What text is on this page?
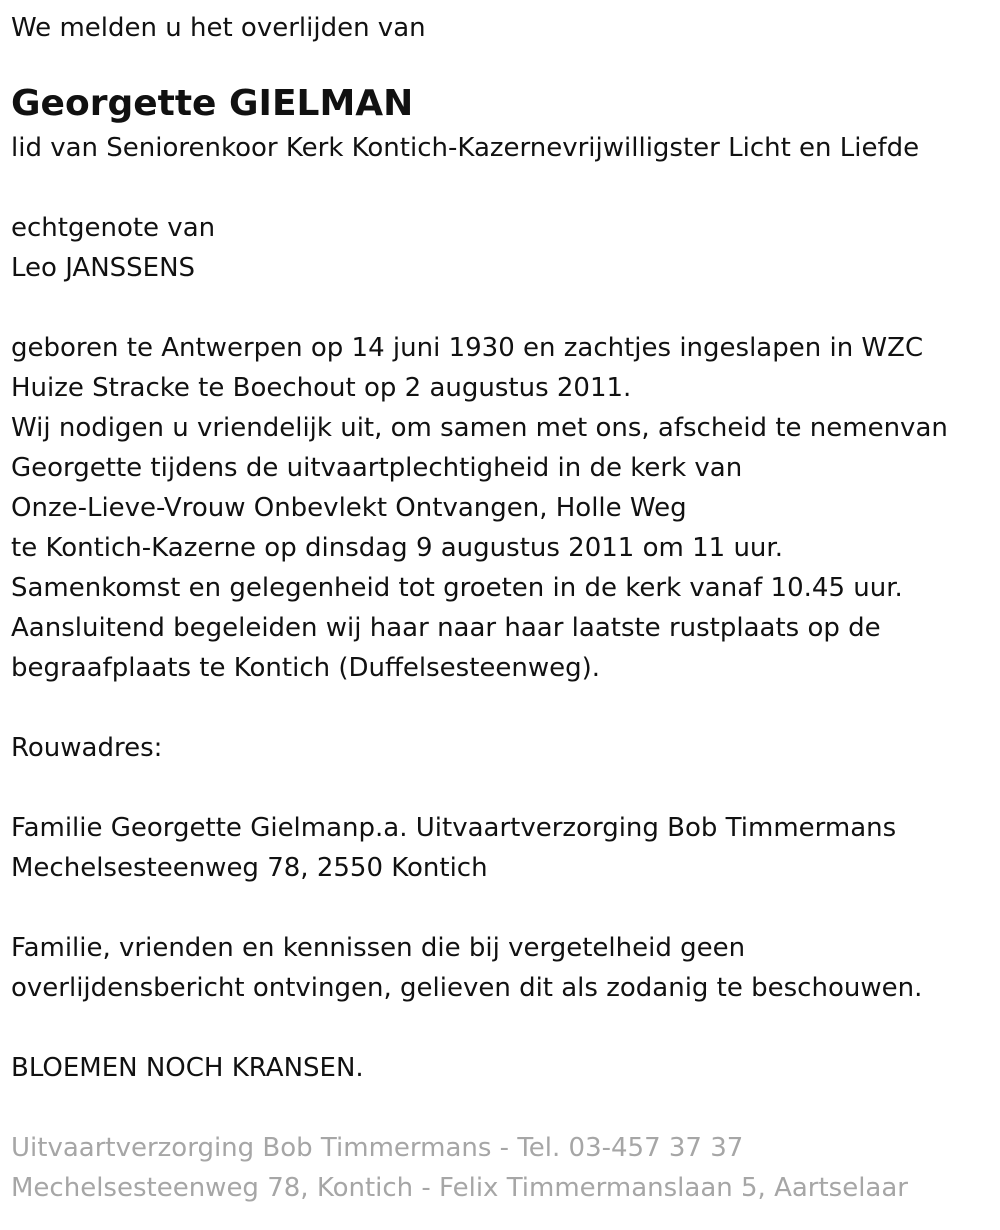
We melden u het overlijden van
Georgette GIELMAN
lid van Seniorenkoor Kerk Kontich-Kazernevrijwilligster Licht en Liefde
echtgenote van
Leo JANSSENS
geboren te Antwerpen op 14 juni 1930 en zachtjes ingeslapen in WZC
Huize Stracke te Boechout op 2 augustus 2011.
Wij nodigen u vriendelijk uit, om samen met ons, afscheid te nemenvan
Georgette tijdens de uitvaartplechtigheid in de kerk van
Onze-Lieve-Vrouw Onbevlekt Ontvangen, Holle Weg
te Kontich-Kazerne op dinsdag 9 augustus 2011 om 11 uur.
Samenkomst en gelegenheid tot groeten in de kerk vanaf 10.45 uur.
Aansluitend begeleiden wij haar naar haar laatste rustplaats op de
begraafplaats te Kontich (Duffelsesteenweg).
Rouwadres:
Familie Georgette Gielmanp.a. Uitvaartverzorging Bob Timmermans
Mechelsesteenweg 78, 2550 Kontich
Familie, vrienden en kennissen die bij vergetelheid geen
overlijdensbericht ontvingen, gelieven dit als zodanig te beschouwen.
BLOEMEN NOCH KRANSEN.
Uitvaartverzorging Bob Timmermans - Tel. 03-457 37 37
Mechelsesteenweg 78, Kontich - Felix Timmermanslaan 5, Aartselaar
